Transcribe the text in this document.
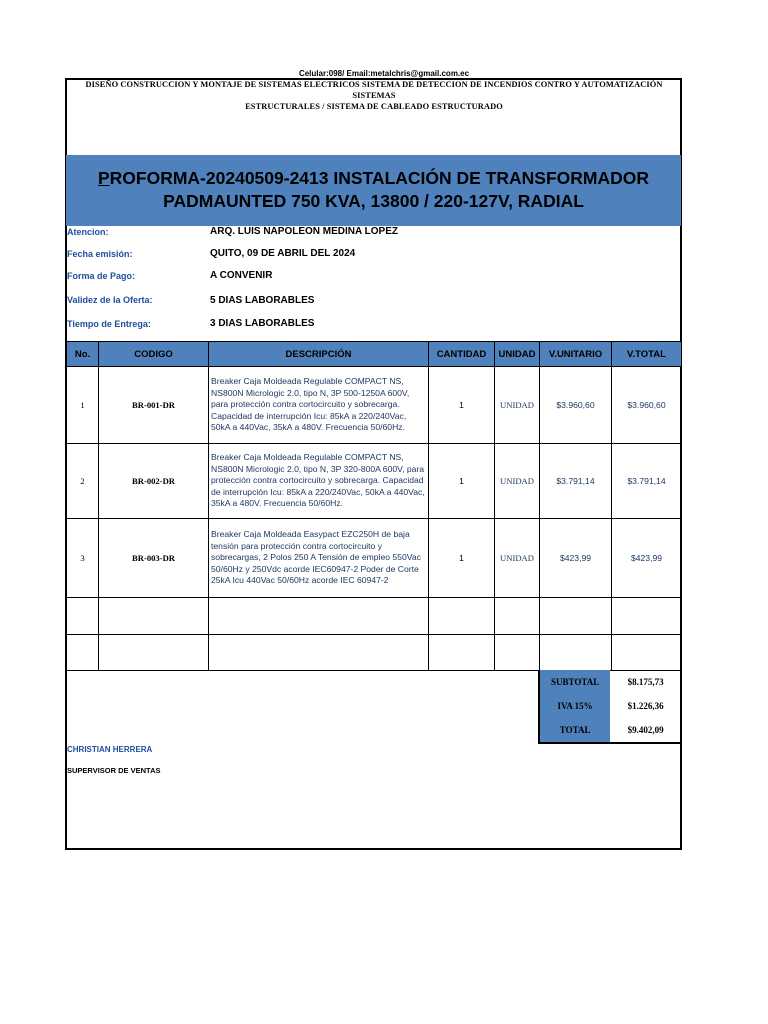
Celular:098/ Email:metalchris@gmail.com.ec
DISEÑO CONSTRUCCION Y MONTAJE DE SISTEMAS ELECTRICOS SISTEMA DE DETECCION DE INCENDIOS CONTRO Y AUTOMATIZACIÓN SISTEMAS
ESTRUCTURALES / SISTEMA DE CABLEADO ESTRUCTURADO
PROFORMA-20240509-2413 INSTALACIÓN DE TRANSFORMADOR
PADMAUNTED 750 KVA, 13800 / 220-127V, RADIAL
Atencion:	ARQ. LUIS NAPOLEON MEDINA LOPEZ
Fecha emisión:	QUITO, 09 DE ABRIL DEL 2024
Forma de Pago:	A CONVENIR
Validez de la Oferta:	5 DIAS LABORABLES
Tiempo de Entrega:	3 DIAS LABORABLES
No.	CODIGO	DESCRIPCIÓN	CANTIDAD	UNIDAD	V.UNITARIO	V.TOTAL
1	BR-001-DR	Breaker Caja Moldeada Regulable COMPACT NS, NS800N Micrologic 2.0, tipo N, 3P 500-1250A 600V, para protección contra cortocircuito y sobrecarga. Capacidad de interrupción Icu: 85kA a 220/240Vac, 50kA a 440Vac, 35kA a 480V. Frecuencia 50/60Hz.	1	UNIDAD	$3.960,60	$3.960,60
2	BR-002-DR	Breaker Caja Moldeada Regulable COMPACT NS, NS800N Micrologic 2.0, tipo N, 3P 320-800A 600V, para protección contra cortocircuito y sobrecarga. Capacidad de interrupción Icu: 85kA a 220/240Vac, 50kA a 440Vac, 35kA a 480V. Frecuencia 50/60Hz.	1	UNIDAD	$3.791,14	$3.791,14
3	BR-003-DR	Breaker Caja Moldeada Easypact EZC250H de baja tensión para protección contra cortocircuito y sobrecargas, 2 Polos 250 A Tensión de empleo 550Vac 50/60Hz y 250Vdc acorde IEC60947-2 Poder de Corte 25kA Icu 440Vac 50/60Hz acorde IEC 60947-2	1	UNIDAD	$423,99	$423,99

SUBTOTAL	$8.175,73
IVA 15%	$1.226,36
TOTAL	$9.402,09
CHRISTIAN HERRERA
SUPERVISOR DE VENTAS
